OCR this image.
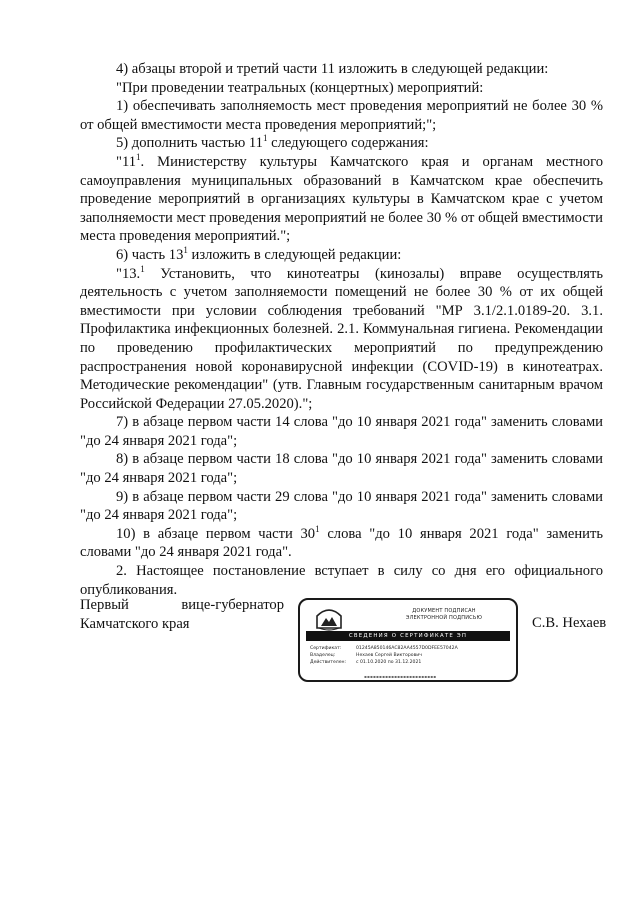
4) абзацы второй и третий части 11 изложить в следующей редакции:

"При проведении театральных (концертных) мероприятий:

1) обеспечивать заполняемость мест проведения мероприятий не более 30 % от общей вместимости места проведения мероприятий;";

5) дополнить частью $11^1$ следующего содержания:

"$11^1$. Министерству культуры Камчатского края и органам местного самоуправления муниципальных образований в Камчатском крае обеспечить проведение мероприятий в организациях культуры в Камчатском крае с учетом заполняемости мест проведения мероприятий не более 30 % от общей вместимости места проведения мероприятий.";

6) часть $13^1$ изложить в следующей редакции:

"13.$^1$ Установить, что кинотеатры (кинозалы) вправе осуществлять деятельность с учетом заполняемости помещений не более 30 % от их общей вместимости при условии соблюдения требований "МР 3.1/2.1.0189-20. 3.1. Профилактика инфекционных болезней. 2.1. Коммунальная гигиена. Рекомендации по проведению профилактических мероприятий по предупреждению распространения новой коронавирусной инфекции (COVID-19) в кинотеатрах. Методические рекомендации" (утв. Главным государственным санитарным врачом Российской Федерации 27.05.2020).";

7) в абзаце первом части 14 слова "до 10 января 2021 года" заменить словами "до 24 января 2021 года";

8) в абзаце первом части 18 слова "до 10 января 2021 года" заменить словами "до 24 января 2021 года";

9) в абзаце первом части 29 слова "до 10 января 2021 года" заменить словами "до 24 января 2021 года";

10) в абзаце первом части $30^1$ слова "до 10 января 2021 года" заменить словами "до 24 января 2021 года".

2. Настоящее постановление вступает в силу со дня его официального опубликования.

Первый	вице-губернатор
Камчатского края
ДОКУМЕНТ ПОДПИСАН
ЭЛЕКТРОННОЙ ПОДПИСЬЮ
СВЕДЕНИЯ О СЕРТИФИКАТЕ ЭП
Сертификат:	01245A850146AC82AA4557D0DFEE57042A
Владелец:	Нехаев Сергей Викторович
Действителен: с 01.10.2020 по 31.12.2021
▪▪▪▪▪▪▪▪▪▪▪▪▪▪▪▪▪▪▪▪▪▪▪▪
С.В. Нехаев
